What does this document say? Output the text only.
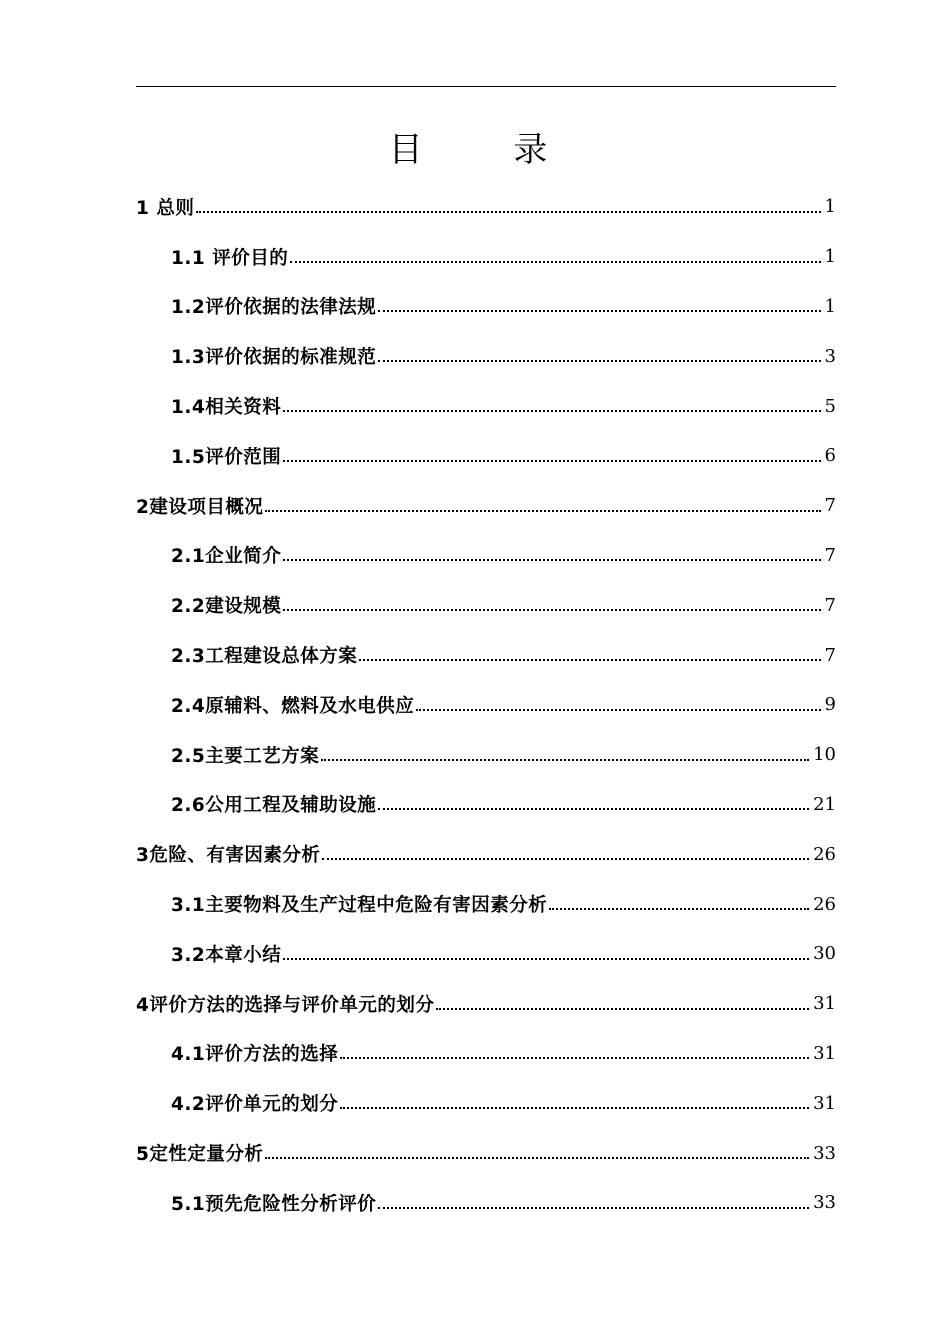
目 录
1 总则	1
1.1 评价目的	1
1.2评价依据的法律法规	1
1.3评价依据的标准规范	3
1.4相关资料	5
1.5评价范围	6
2建设项目概况	7
2.1企业简介	7
2.2建设规模	7
2.3工程建设总体方案	7
2.4原辅料、燃料及水电供应	9
2.5主要工艺方案	10
2.6公用工程及辅助设施	21
3危险、有害因素分析	26
3.1主要物料及生产过程中危险有害因素分析	26
3.2本章小结	30
4评价方法的选择与评价单元的划分	31
4.1评价方法的选择	31
4.2评价单元的划分	31
5定性定量分析	33
5.1预先危险性分析评价	33
